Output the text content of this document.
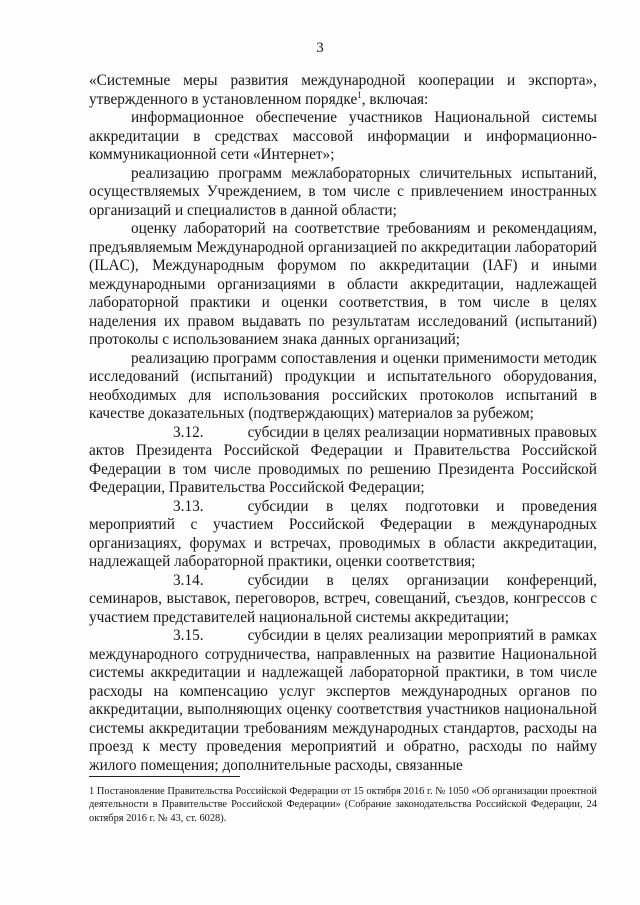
3

«Системные меры развития международной кооперации и экспорта», утвержденного в установленном порядке$^1$, включая:

информационное обеспечение участников Национальной системы аккредитации в средствах массовой информации и информационно-коммуникационной сети «Интернет»;

реализацию программ межлабораторных сличительных испытаний, осуществляемых Учреждением, в том числе с привлечением иностранных организаций и специалистов в данной области;

оценку лабораторий на соответствие требованиям и рекомендациям, предъявляемым Международной организацией по аккредитации лабораторий (ILAC), Международным форумом по аккредитации (IAF) и иными международными организациями в области аккредитации, надлежащей лабораторной практики и оценки соответствия, в том числе в целях наделения их правом выдавать по результатам исследований (испытаний) протоколы с использованием знака данных организаций;

реализацию программ сопоставления и оценки применимости методик исследований (испытаний) продукции и испытательного оборудования, необходимых для использования российских протоколов испытаний в качестве доказательных (подтверждающих) материалов за рубежом;

3.12.	субсидии в целях реализации нормативных правовых актов Президента Российской Федерации и Правительства Российской Федерации в том числе проводимых по решению Президента Российской Федерации, Правительства Российской Федерации;

3.13.	субсидии в целях подготовки и проведения мероприятий с участием Российской Федерации в международных организациях, форумах и встречах, проводимых в области аккредитации, надлежащей лабораторной практики, оценки соответствия;

3.14.	субсидии в целях организации конференций, семинаров, выставок, переговоров, встреч, совещаний, съездов, конгрессов с участием представителей национальной системы аккредитации;

3.15.	субсидии в целях реализации мероприятий в рамках международного сотрудничества, направленных на развитие Национальной системы аккредитации и надлежащей лабораторной практики, в том числе расходы на компенсацию услуг экспертов международных органов по аккредитации, выполняющих оценку соответствия участников национальной системы аккредитации требованиям международных стандартов, расходы на проезд к месту проведения мероприятий и обратно, расходы по найму жилого помещения; дополнительные расходы, связанные

1 Постановление Правительства Российской Федерации от 15 октября 2016 г. № 1050 «Об организации проектной деятельности в Правительстве Российской Федерации» (Собрание законодательства Российской Федерации, 24 октября 2016 г. № 43, ст. 6028).
